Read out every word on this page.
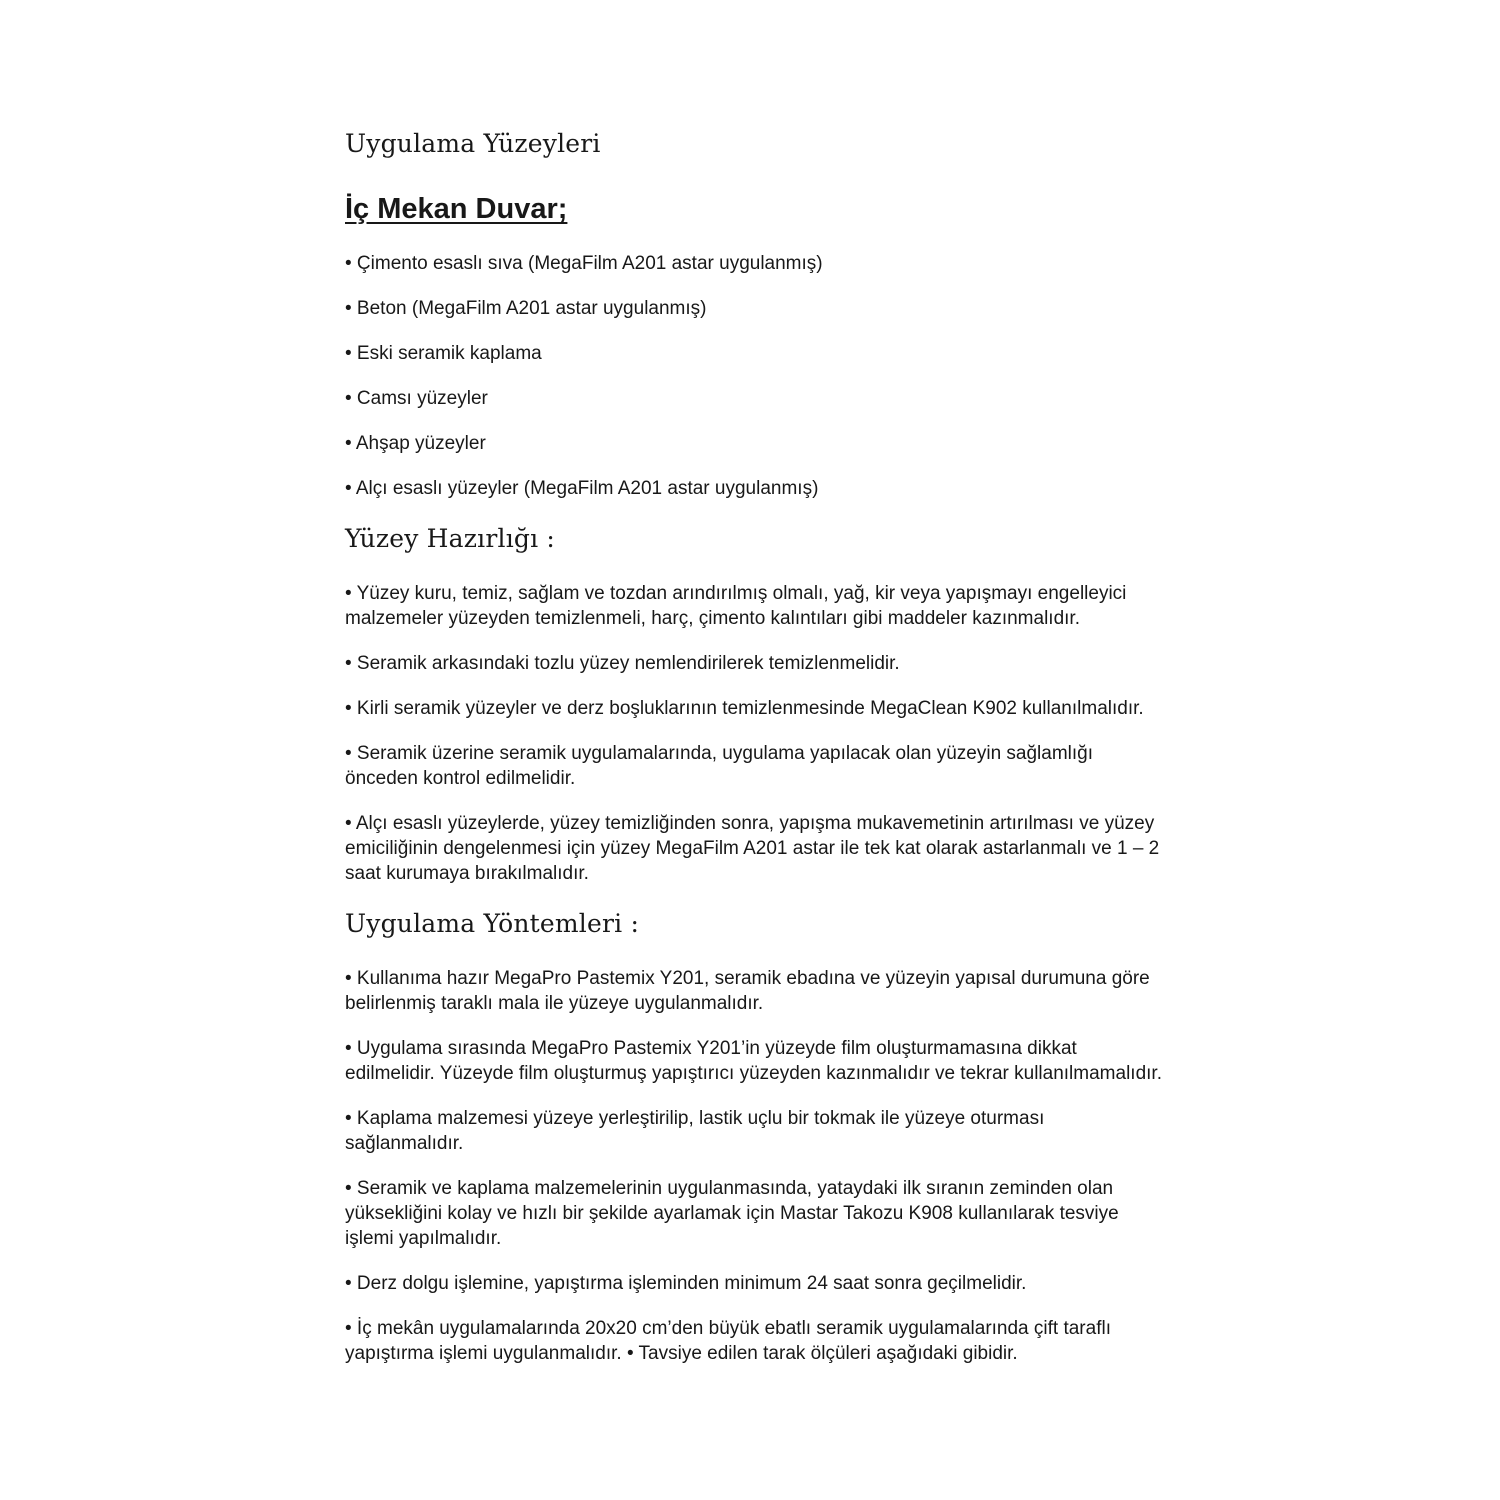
Uygulama Yüzeyleri
İç Mekan Duvar;

• Çimento esaslı sıva (MegaFilm A201 astar uygulanmış)

• Beton (MegaFilm A201 astar uygulanmış)

• Eski seramik kaplama

• Camsı yüzeyler

• Ahşap yüzeyler

• Alçı esaslı yüzeyler (MegaFilm A201 astar uygulanmış)

Yüzey Hazırlığı :

• Yüzey kuru, temiz, sağlam ve tozdan arındırılmış olmalı, yağ, kir veya yapışmayı engelleyici malzemeler yüzeyden temizlenmeli, harç, çimento kalıntıları gibi maddeler kazınmalıdır.

• Seramik arkasındaki tozlu yüzey nemlendirilerek temizlenmelidir.

• Kirli seramik yüzeyler ve derz boşluklarının temizlenmesinde MegaClean K902 kullanılmalıdır.

• Seramik üzerine seramik uygulamalarında, uygulama yapılacak olan yüzeyin sağlamlığı önceden kontrol edilmelidir.

• Alçı esaslı yüzeylerde, yüzey temizliğinden sonra, yapışma mukavemetinin artırılması ve yüzey emiciliğinin dengelenmesi için yüzey MegaFilm A201 astar ile tek kat olarak astarlanmalı ve 1 – 2 saat kurumaya bırakılmalıdır.

Uygulama Yöntemleri :

• Kullanıma hazır MegaPro Pastemix Y201, seramik ebadına ve yüzeyin yapısal durumuna göre belirlenmiş taraklı mala ile yüzeye uygulanmalıdır.

• Uygulama sırasında MegaPro Pastemix Y201’in yüzeyde film oluşturmamasına dikkat edilmelidir. Yüzeyde film oluşturmuş yapıştırıcı yüzeyden kazınmalıdır ve tekrar kullanılmamalıdır.

• Kaplama malzemesi yüzeye yerleştirilip, lastik uçlu bir tokmak ile yüzeye oturması sağlanmalıdır.

• Seramik ve kaplama malzemelerinin uygulanmasında, yataydaki ilk sıranın zeminden olan yüksekliğini kolay ve hızlı bir şekilde ayarlamak için Mastar Takozu K908 kullanılarak tesviye işlemi yapılmalıdır.

• Derz dolgu işlemine, yapıştırma işleminden minimum 24 saat sonra geçilmelidir.

• İç mekân uygulamalarında 20x20 cm’den büyük ebatlı seramik uygulamalarında çift taraflı yapıştırma işlemi uygulanmalıdır. • Tavsiye edilen tarak ölçüleri aşağıdaki gibidir.
